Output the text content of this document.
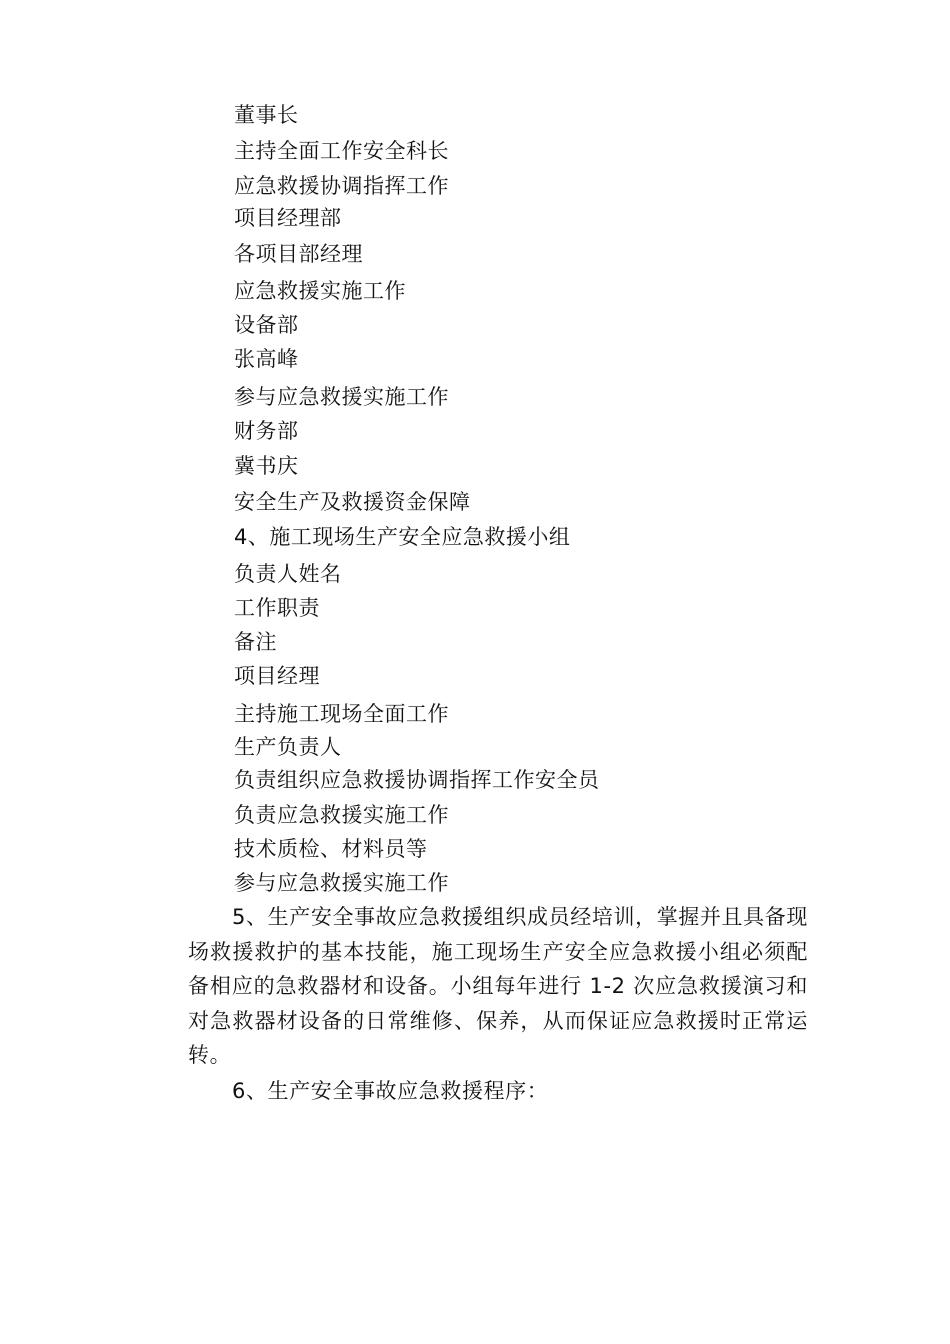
董事长
主持全面工作安全科长
应急救援协调指挥工作
项目经理部
各项目部经理
应急救援实施工作
设备部
张高峰
参与应急救援实施工作
财务部
冀书庆
安全生产及救援资金保障
4、施工现场生产安全应急救援小组
负责人姓名
工作职责
备注
项目经理
主持施工现场全面工作
生产负责人
负责组织应急救援协调指挥工作安全员
负责应急救援实施工作
技术质检、材料员等
参与应急救援实施工作
5、生产安全事故应急救援组织成员经培训，掌握并且具备现场救援救护的基本技能，施工现场生产安全应急救援小组必须配备相应的急救器材和设备。小组每年进行 1-2 次应急救援演习和对急救器材设备的日常维修、保养，从而保证应急救援时正常运转。
6、生产安全事故应急救援程序：
